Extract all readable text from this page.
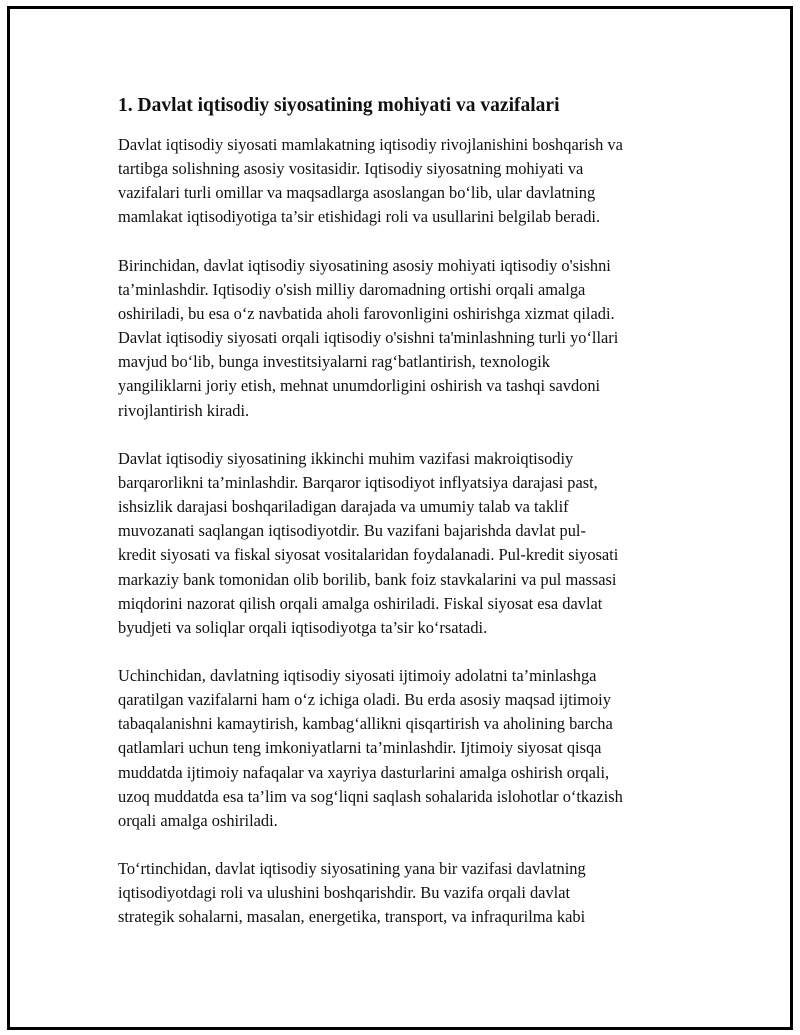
1. Davlat iqtisodiy siyosatining mohiyati va vazifalari

Davlat iqtisodiy siyosati mamlakatning iqtisodiy rivojlanishini boshqarish va
tartibga solishning asosiy vositasidir. Iqtisodiy siyosatning mohiyati va
vazifalari turli omillar va maqsadlarga asoslangan bo‘lib, ular davlatning
mamlakat iqtisodiyotiga ta’sir etishidagi roli va usullarini belgilab beradi.

Birinchidan, davlat iqtisodiy siyosatining asosiy mohiyati iqtisodiy o'sishni
ta’minlashdir. Iqtisodiy o'sish milliy daromadning ortishi orqali amalga
oshiriladi, bu esa o‘z navbatida aholi farovonligini oshirishga xizmat qiladi.
Davlat iqtisodiy siyosati orqali iqtisodiy o'sishni ta'minlashning turli yo‘llari
mavjud bo‘lib, bunga investitsiyalarni rag‘batlantirish, texnologik
yangiliklarni joriy etish, mehnat unumdorligini oshirish va tashqi savdoni
rivojlantirish kiradi.

Davlat iqtisodiy siyosatining ikkinchi muhim vazifasi makroiqtisodiy
barqarorlikni ta’minlashdir. Barqaror iqtisodiyot inflyatsiya darajasi past,
ishsizlik darajasi boshqariladigan darajada va umumiy talab va taklif
muvozanati saqlangan iqtisodiyotdir. Bu vazifani bajarishda davlat pul-
kredit siyosati va fiskal siyosat vositalaridan foydalanadi. Pul-kredit siyosati
markaziy bank tomonidan olib borilib, bank foiz stavkalarini va pul massasi
miqdorini nazorat qilish orqali amalga oshiriladi. Fiskal siyosat esa davlat
byudjeti va soliqlar orqali iqtisodiyotga ta’sir ko‘rsatadi.

Uchinchidan, davlatning iqtisodiy siyosati ijtimoiy adolatni ta’minlashga
qaratilgan vazifalarni ham o‘z ichiga oladi. Bu erda asosiy maqsad ijtimoiy
tabaqalanishni kamaytirish, kambag‘allikni qisqartirish va aholining barcha
qatlamlari uchun teng imkoniyatlarni ta’minlashdir. Ijtimoiy siyosat qisqa
muddatda ijtimoiy nafaqalar va xayriya dasturlarini amalga oshirish orqali,
uzoq muddatda esa ta’lim va sog‘liqni saqlash sohalarida islohotlar o‘tkazish
orqali amalga oshiriladi.

To‘rtinchidan, davlat iqtisodiy siyosatining yana bir vazifasi davlatning
iqtisodiyotdagi roli va ulushini boshqarishdir. Bu vazifa orqali davlat
strategik sohalarni, masalan, energetika, transport, va infraqurilma kabi
